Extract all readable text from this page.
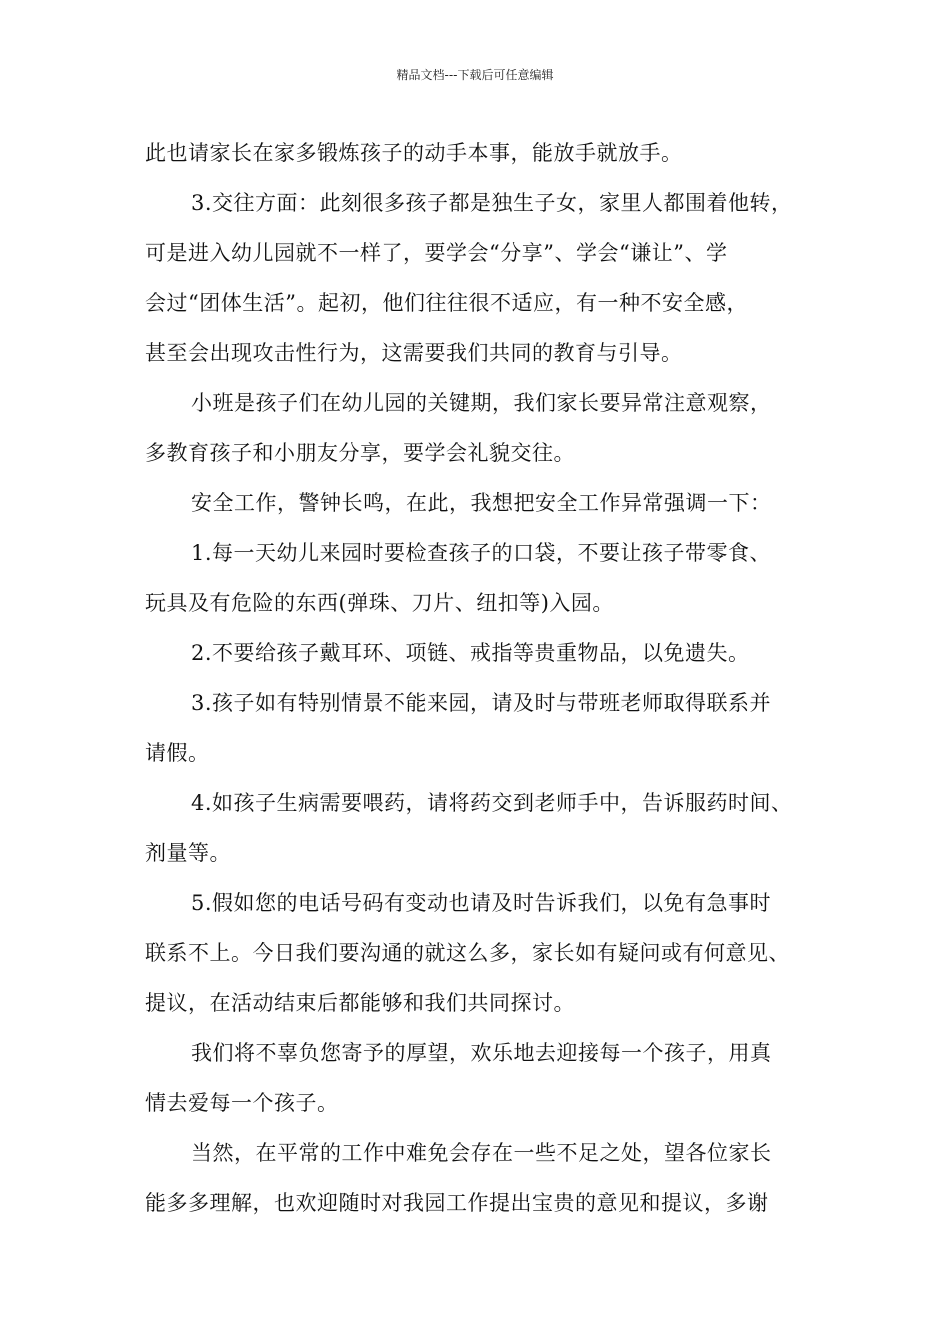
精品文档---下载后可任意编辑
此也请家长在家多锻炼孩子的动手本事，能放手就放手。
3.交往方面：此刻很多孩子都是独生子女，家里人都围着他转，
可是进入幼儿园就不一样了，要学会“分享”、学会“谦让”、学
会过“团体生活”。起初，他们往往很不适应，有一种不安全感，
甚至会出现攻击性行为，这需要我们共同的教育与引导。
小班是孩子们在幼儿园的关键期，我们家长要异常注意观察，
多教育孩子和小朋友分享，要学会礼貌交往。
安全工作，警钟长鸣，在此，我想把安全工作异常强调一下：
1.每一天幼儿来园时要检查孩子的口袋，不要让孩子带零食、
玩具及有危险的东西(弹珠、刀片、纽扣等)入园。
2.不要给孩子戴耳环、项链、戒指等贵重物品，以免遗失。
3.孩子如有特别情景不能来园，请及时与带班老师取得联系并
请假。
4.如孩子生病需要喂药，请将药交到老师手中，告诉服药时间、
剂量等。
5.假如您的电话号码有变动也请及时告诉我们，以免有急事时
联系不上。今日我们要沟通的就这么多，家长如有疑问或有何意见、
提议，在活动结束后都能够和我们共同探讨。
我们将不辜负您寄予的厚望，欢乐地去迎接每一个孩子，用真
情去爱每一个孩子。
当然，在平常的工作中难免会存在一些不足之处，望各位家长
能多多理解，也欢迎随时对我园工作提出宝贵的意见和提议，多谢
